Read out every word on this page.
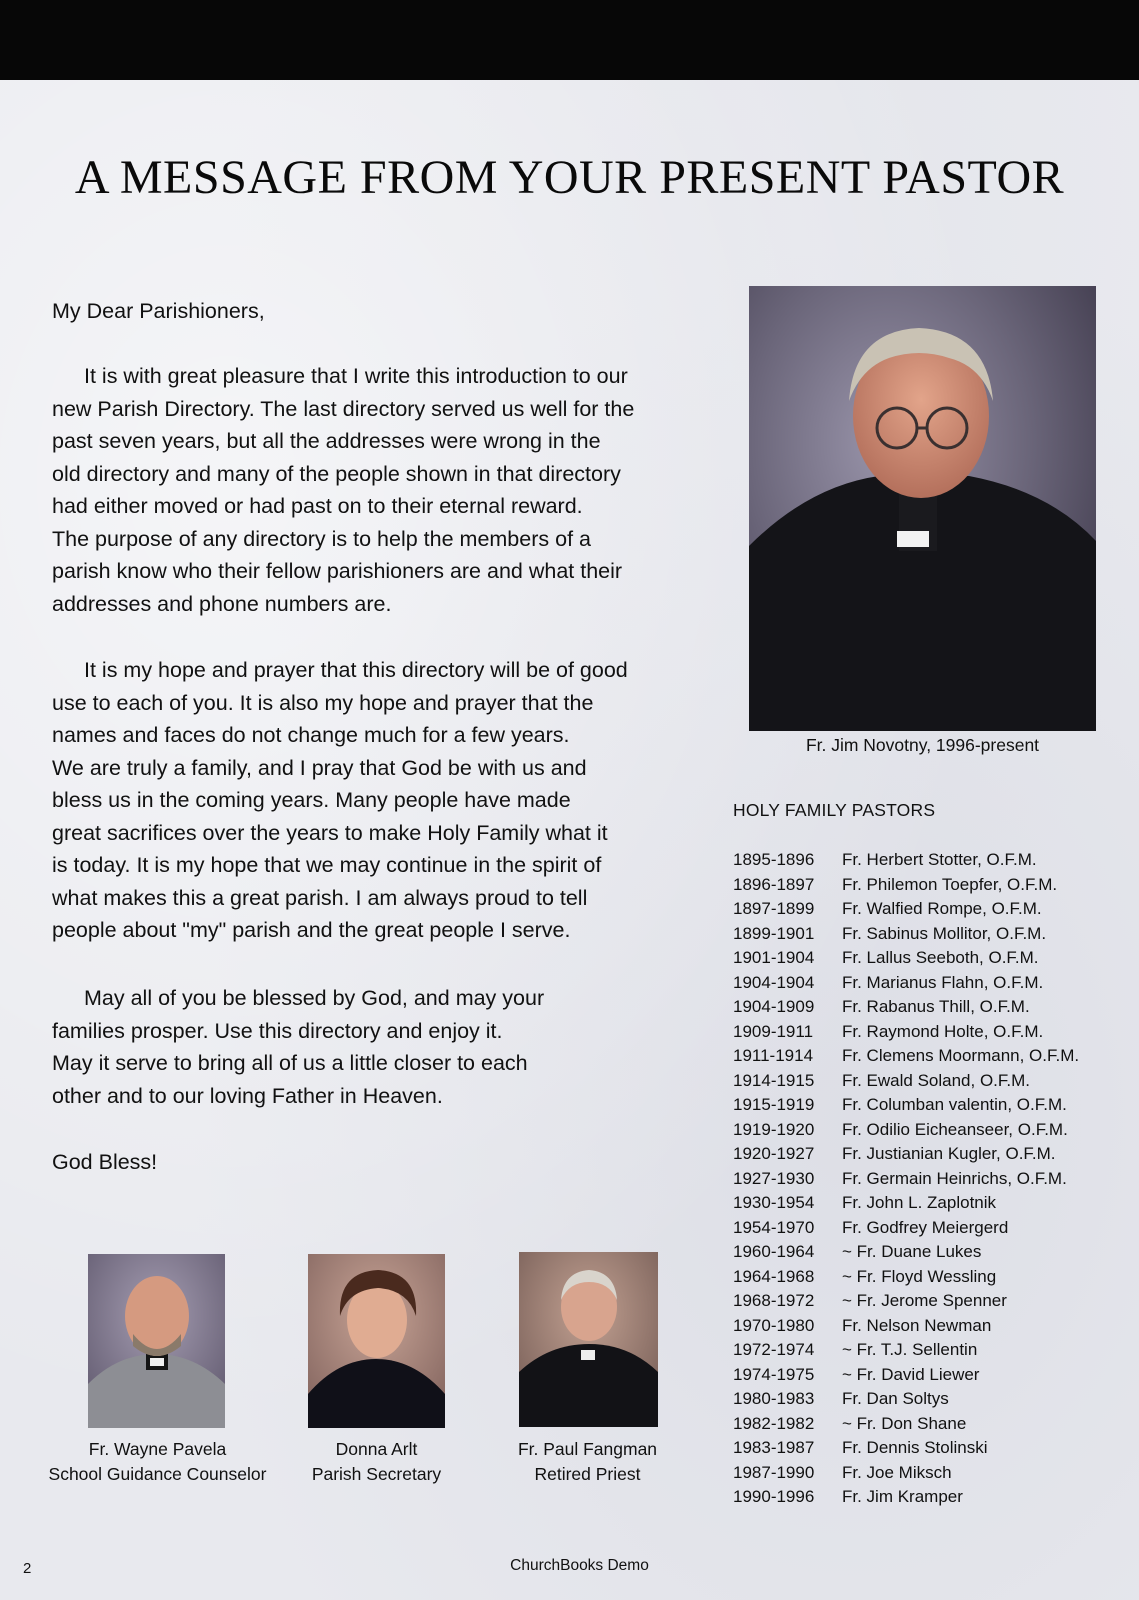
A MESSAGE FROM YOUR PRESENT PASTOR
My Dear Parishioners,
It is with great pleasure that I write this introduction to our
new Parish Directory. The last directory served us well for the
past seven years, but all the addresses were wrong in the
old directory and many of the people shown in that directory
had either moved or had past on to their eternal reward.
The purpose of any directory is to help the members of a
parish know who their fellow parishioners are and what their
addresses and phone numbers are.
It is my hope and prayer that this directory will be of good
use to each of you. It is also my hope and prayer that the
names and faces do not change much for a few years.
We are truly a family, and I pray that God be with us and
bless us in the coming years. Many people have made
great sacrifices over the years to make Holy Family what it
is today. It is my hope that we may continue in the spirit of
what makes this a great parish. I am always proud to tell
people about "my" parish and the great people I serve.
May all of you be blessed by God, and may your
families prosper. Use this directory and enjoy it.
May it serve to bring all of us a little closer to each
other and to our loving Father in Heaven.
God Bless!
Fr. Jim Novotny, 1996-present
Fr. Wayne Pavela
School Guidance Counselor
Donna Arlt
Parish Secretary
Fr. Paul Fangman
Retired Priest
HOLY FAMILY PASTORS
1895-1896 Fr. Herbert Stotter, O.F.M.
1896-1897 Fr. Philemon Toepfer, O.F.M.
1897-1899 Fr. Walfied Rompe, O.F.M.
1899-1901 Fr. Sabinus Mollitor, O.F.M.
1901-1904 Fr. Lallus Seeboth, O.F.M.
1904-1904 Fr. Marianus Flahn, O.F.M.
1904-1909 Fr. Rabanus Thill, O.F.M.
1909-1911 Fr. Raymond Holte, O.F.M.
1911-1914 Fr. Clemens Moormann, O.F.M.
1914-1915 Fr. Ewald Soland, O.F.M.
1915-1919 Fr. Columban valentin, O.F.M.
1919-1920 Fr. Odilio Eicheanseer, O.F.M.
1920-1927 Fr. Justianian Kugler, O.F.M.
1927-1930 Fr. Germain Heinrichs, O.F.M.
1930-1954 Fr. John L. Zaplotnik
1954-1970 Fr. Godfrey Meiergerd
1960-1964 ~ Fr. Duane Lukes
1964-1968 ~ Fr. Floyd Wessling
1968-1972 ~ Fr. Jerome Spenner
1970-1980 Fr. Nelson Newman
1972-1974 ~ Fr. T.J. Sellentin
1974-1975 ~ Fr. David Liewer
1980-1983 Fr. Dan Soltys
1982-1982 ~ Fr. Don Shane
1983-1987 Fr. Dennis Stolinski
1987-1990 Fr. Joe Miksch
1990-1996 Fr. Jim Kramper
2	ChurchBooks Demo
